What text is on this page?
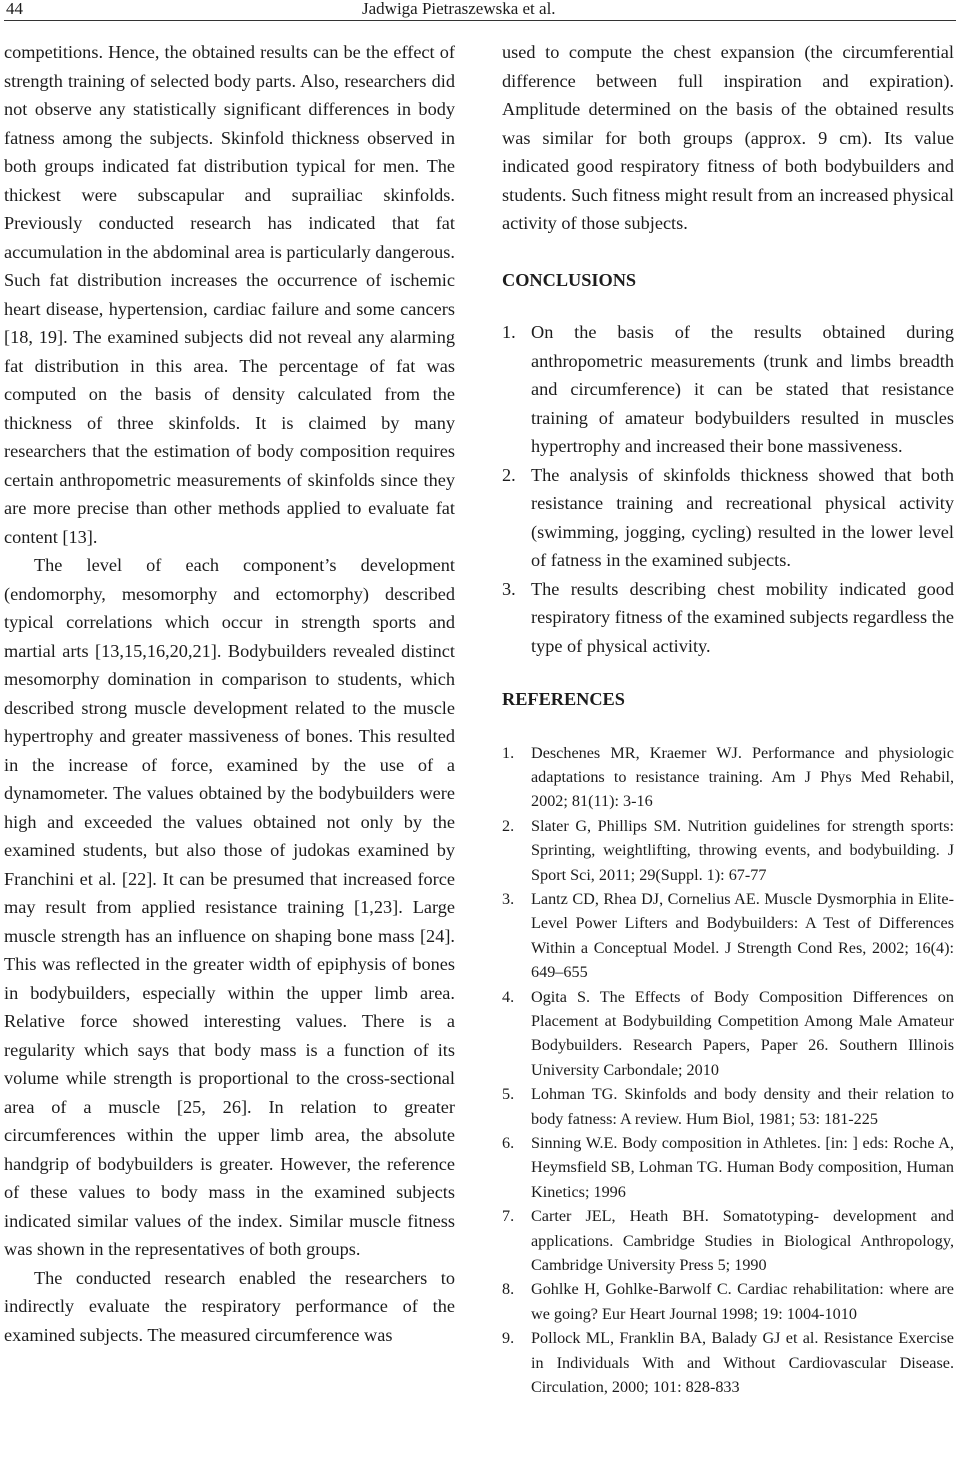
44	Jadwiga Pietraszewska et al.

competitions. Hence, the obtained results can be the effect of strength training of selected body parts. Also, researchers did not observe any statistically significant differences in body fatness among the subjects. Skinfold thickness observed in both groups indicated fat distribution typical for men. The thickest were subscapular and suprailiac skinfolds. Previously conducted research has indicated that fat accumulation in the abdominal area is particularly dangerous. Such fat distribution increases the occurrence of ischemic heart disease, hypertension, cardiac failure and some cancers [18, 19]. The examined subjects did not reveal any alarming fat distribution in this area. The percentage of fat was computed on the basis of density calculated from the thickness of three skinfolds. It is claimed by many researchers that the estimation of body composition requires certain anthropometric measurements of skinfolds since they are more precise than other methods applied to evaluate fat content [13].

The level of each component’s development (endomorphy, mesomorphy and ectomorphy) described typical correlations which occur in strength sports and martial arts [13,15,16,20,21]. Bodybuilders revealed distinct mesomorphy domination in comparison to students, which described strong muscle development related to the muscle hypertrophy and greater massiveness of bones. This resulted in the increase of force, examined by the use of a dynamometer. The values obtained by the bodybuilders were high and exceeded the values obtained not only by the examined students, but also those of judokas examined by Franchini et al. [22]. It can be presumed that increased force may result from applied resistance training [1,23]. Large muscle strength has an influence on shaping bone mass [24]. This was reflected in the greater width of epiphysis of bones in bodybuilders, especially within the upper limb area. Relative force showed interesting values. There is a regularity which says that body mass is a function of its volume while strength is proportional to the cross-sectional area of a muscle [25, 26]. In relation to greater circumferences within the upper limb area, the absolute handgrip of bodybuilders is greater. However, the reference of these values to body mass in the examined subjects indicated similar values of the index. Similar muscle fitness was shown in the representatives of both groups.

The conducted research enabled the researchers to indirectly evaluate the respiratory performance of the examined subjects. The measured circumference was

used to compute the chest expansion (the circumferential difference between full inspiration and expiration). Amplitude determined on the basis of the obtained results was similar for both groups (approx. 9 cm). Its value indicated good respiratory fitness of both bodybuilders and students. Such fitness might result from an increased physical activity of those subjects.

CONCLUSIONS
1. On the basis of the results obtained during anthropometric measurements (trunk and limbs breadth and circumference) it can be stated that resistance training of amateur bodybuilders resulted in muscles hypertrophy and increased their bone massiveness.
2. The analysis of skinfolds thickness showed that both resistance training and recreational physical activity (swimming, jogging, cycling) resulted in the lower level of fatness in the examined subjects.
3. The results describing chest mobility indicated good respiratory fitness of the examined subjects regardless the type of physical activity.
REFERENCES
1. Deschenes MR, Kraemer WJ. Performance and physiologic adaptations to resistance training. Am J Phys Med Rehabil, 2002; 81(11): 3-16
2. Slater G, Phillips SM. Nutrition guidelines for strength sports: Sprinting, weightlifting, throwing events, and bodybuilding. J Sport Sci, 2011; 29(Suppl. 1): 67-77
3. Lantz CD, Rhea DJ, Cornelius AE. Muscle Dysmorphia in Elite-Level Power Lifters and Bodybuilders: A Test of Differences Within a Conceptual Model. J Strength Cond Res, 2002; 16(4): 649–655
4. Ogita S. The Effects of Body Composition Differences on Placement at Bodybuilding Competition Among Male Amateur Bodybuilders. Research Papers, Paper 26. Southern Illinois University Carbondale; 2010
5. Lohman TG. Skinfolds and body density and their relation to body fatness: A review. Hum Biol, 1981; 53: 181-225
6. Sinning W.E. Body composition in Athletes. [in: ] eds: Roche A, Heymsfield SB, Lohman TG. Human Body composition, Human Kinetics; 1996
7. Carter JEL, Heath BH. Somatotyping- development and applications. Cambridge Studies in Biological Anthropology, Cambridge University Press 5; 1990
8. Gohlke H, Gohlke-Barwolf C. Cardiac rehabilitation: where are we going? Eur Heart Journal 1998; 19: 1004-1010
9. Pollock ML, Franklin BA, Balady GJ et al. Resistance Exercise in Individuals With and Without Cardiovascular Disease. Circulation, 2000; 101: 828-833
